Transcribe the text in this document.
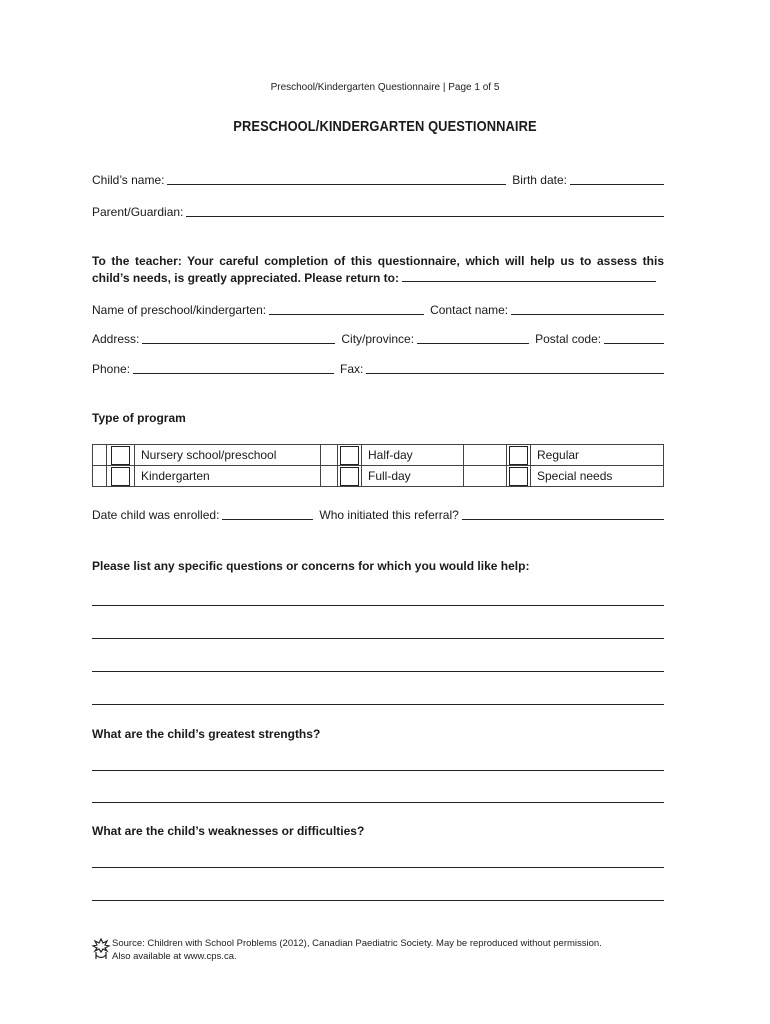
Preschool/Kindergarten Questionnaire | Page 1 of 5
PRESCHOOL/KINDERGARTEN QUESTIONNAIRE
Child’s name:	Birth date:
Parent/Guardian:
To the teacher: Your careful completion of this questionnaire, which will help us to assess this child’s needs, is greatly appreciated. Please return to:
Name of preschool/kindergarten:	Contact name:
Address:	City/province:	Postal code:
Phone:	Fax:
Type of program

	Nursery school/preschool			Half-day			Regular

	Kindergarten			Full-day			Special needs
Date child was enrolled:	Who initiated this referral?
Please list any specific questions or concerns for which you would like help:
What are the child’s greatest strengths?
What are the child’s weaknesses or difficulties?
Source: Children with School Problems (2012), Canadian Paediatric Society. May be reproduced without permission.
Also available at www.cps.ca.
